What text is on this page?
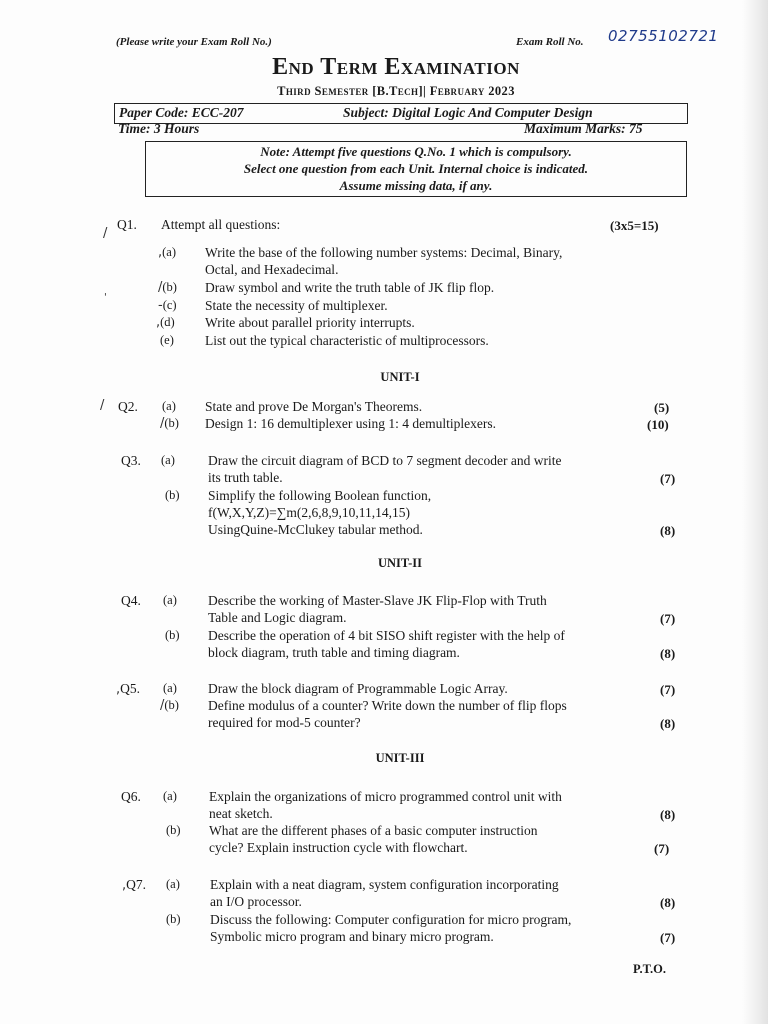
(Please write your Exam Roll No.)	Exam Roll No. 02755102721
End Term Examination
Third Semester [B.Tech]| February 2023
Paper Code: ECC-207	Subject: Digital Logic And Computer Design
Time: 3 Hours	Maximum Marks: 75
Note: Attempt five questions Q.No. 1 which is compulsory.
Select one question from each Unit. Internal choice is indicated.
Assume missing data, if any.
/
Q1. Attempt all questions:	(3x5=15)
,(a) Write the base of the following number systems: Decimal, Binary,
Octal, and Hexadecimal.
/(b) Draw symbol and write the truth table of JK flip flop.
'
-(c) State the necessity of multiplexer.
,(d) Write about parallel priority interrupts.
(e) List out the typical characteristic of multiprocessors.
UNIT-I
/ Q2. (a) State and prove De Morgan's Theorems.	(5)
/(b) Design 1: 16 demultiplexer using 1: 4 demultiplexers.	(10)
Q3. (a) Draw the circuit diagram of BCD to 7 segment decoder and write
its truth table.	(7)
(b) Simplify the following Boolean function,
f(W,X,Y,Z)=∑m(2,6,8,9,10,11,14,15)
UsingQuine-McClukey tabular method.	(8)
UNIT-II
Q4. (a) Describe the working of Master-Slave JK Flip-Flop with Truth
Table and Logic diagram.	(7)
(b) Describe the operation of 4 bit SISO shift register with the help of
block diagram, truth table and timing diagram.	(8)
,Q5. (a) Draw the block diagram of Programmable Logic Array.	(7)
/(b) Define modulus of a counter? Write down the number of flip flops
required for mod-5 counter?	(8)
UNIT-III
Q6. (a) Explain the organizations of micro programmed control unit with
neat sketch.	(8)
(b) What are the different phases of a basic computer instruction
cycle? Explain instruction cycle with flowchart.	(7)
,Q7. (a) Explain with a neat diagram, system configuration incorporating
an I/O processor.	(8)
(b) Discuss the following: Computer configuration for micro program,
Symbolic micro program and binary micro program.	(7)
P.T.O.
